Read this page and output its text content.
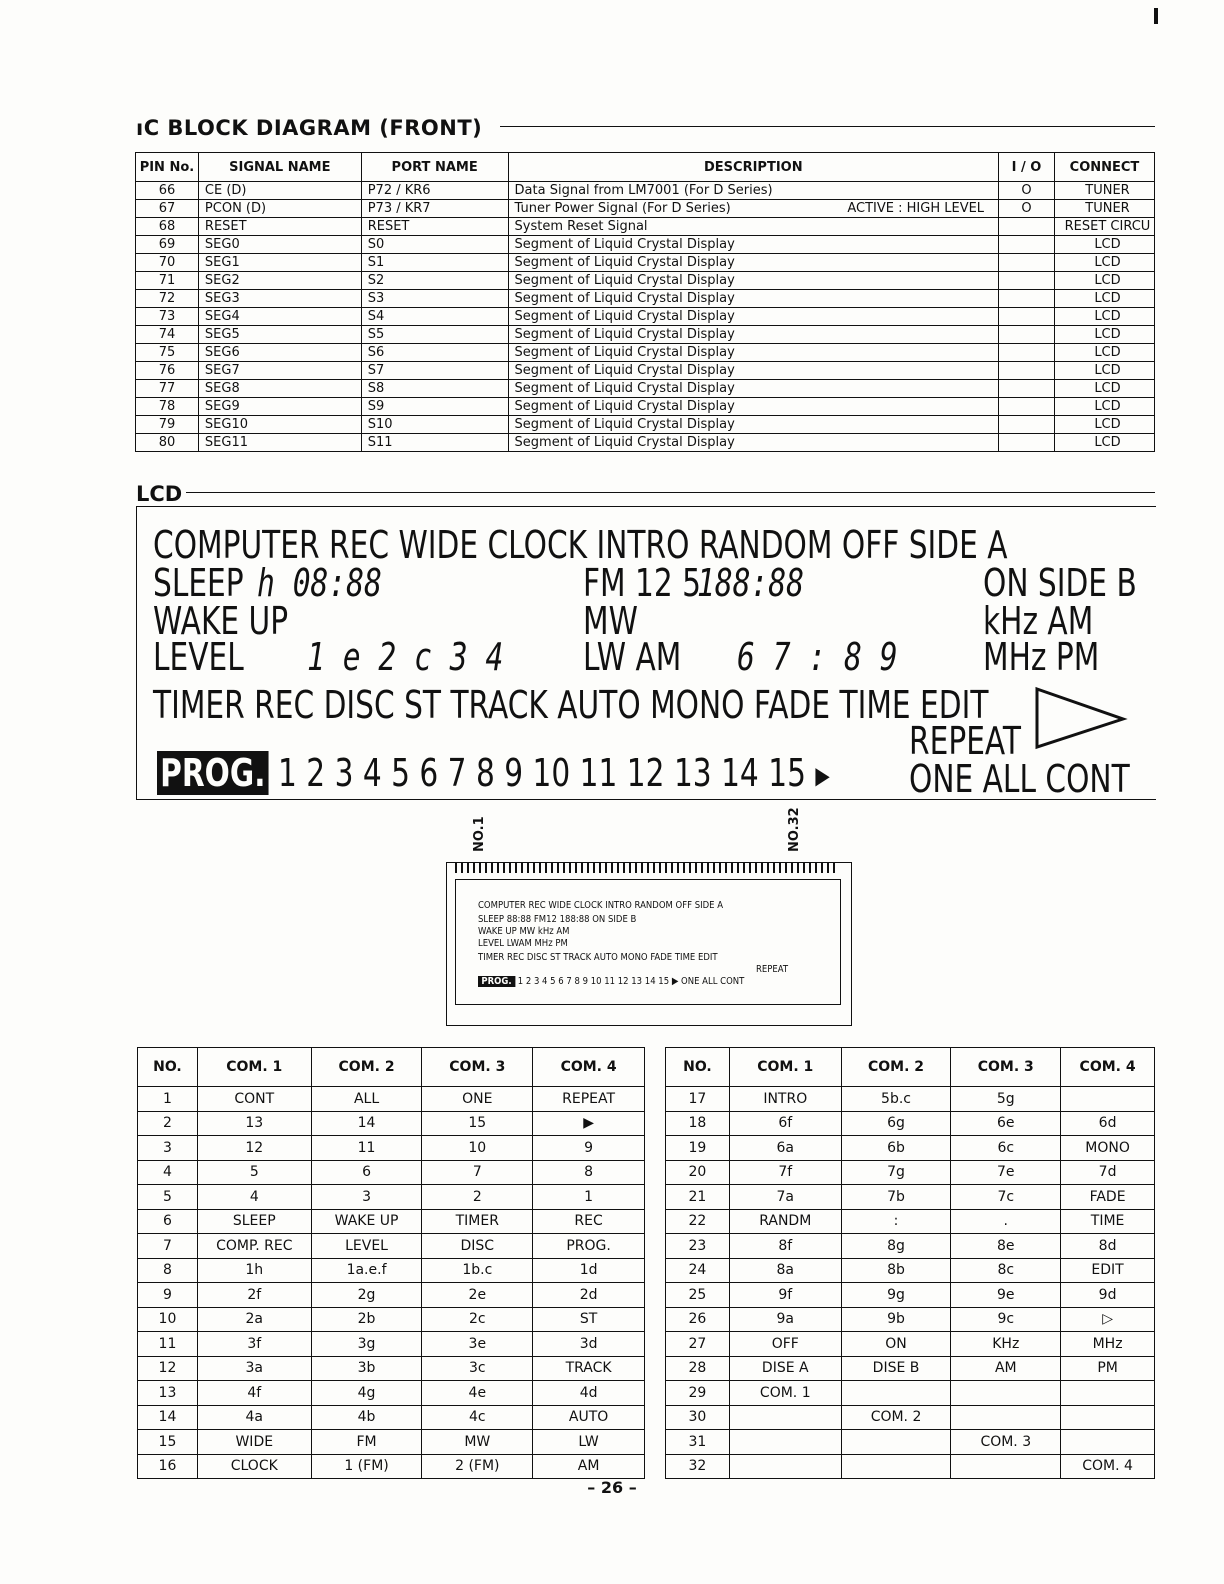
ıC BLOCK DIAGRAM (FRONT)
PIN No.	SIGNAL NAME	PORT NAME	DESCRIPTION	I / O	CONNECT
66	CE (D)	P72 / KR6	Data Signal from LM7001 (For D Series)	O	TUNER
67	PCON (D)	P73 / KR7	Tuner Power Signal (For D Series) ACTIVE : HIGH LEVEL	O	TUNER
68	RESET	RESET	System Reset Signal		RESET CIRCU
69	SEG0	S0	Segment of Liquid Crystal Display		LCD
70	SEG1	S1	Segment of Liquid Crystal Display		LCD
71	SEG2	S2	Segment of Liquid Crystal Display		LCD
72	SEG3	S3	Segment of Liquid Crystal Display		LCD
73	SEG4	S4	Segment of Liquid Crystal Display		LCD
74	SEG5	S5	Segment of Liquid Crystal Display		LCD
75	SEG6	S6	Segment of Liquid Crystal Display		LCD
76	SEG7	S7	Segment of Liquid Crystal Display		LCD
77	SEG8	S8	Segment of Liquid Crystal Display		LCD
78	SEG9	S9	Segment of Liquid Crystal Display		LCD
79	SEG10	S10	Segment of Liquid Crystal Display		LCD
80	SEG11	S11	Segment of Liquid Crystal Display		LCD
LCD
COMPUTER REC WIDE CLOCK INTRO RANDOM OFF SIDE A
SLEEP h 08:88	FM 12 5
188:88	ON SIDE B
WAKE UP	MW	kHz AM
LEVEL 1 e 2 c 3 4 LW AM 6 7 : 8 9 MHz PM
TIMER REC DISC ST TRACK AUTO MONO FADE TIME EDIT
REPEAT
PROG. 1 2 3 4 5 6 7 8 9 10 11 12 13 14 15 ▶ ONE ALL CONT
NO.1	NO.32
COMPUTER REC WIDE CLOCK INTRO RANDOM OFF SIDE A
SLEEP 88:88 FM12 188:88 ON SIDE B
WAKE UP MW kHz AM
LEVEL LWAM MHz PM
TIMER REC DISC ST TRACK AUTO MONO FADE TIME EDIT
REPEAT
PROG. 1 2 3 4 5 6 7 8 9 10 11 12 13 14 15 ▶ ONE ALL CONT
NO.	COM. 1	COM. 2	COM. 3	COM. 4
1	CONT	ALL	ONE	REPEAT
2	13	14	15	▶
3	12	11	10	9
4	5	6	7	8
5	4	3	2	1
6	SLEEP	WAKE UP	TIMER	REC
7	COMP. REC	LEVEL	DISC	PROG.
8	1h	1a.e.f	1b.c	1d
9	2f	2g	2e	2d
10	2a	2b	2c	ST
11	3f	3g	3e	3d
12	3a	3b	3c	TRACK
13	4f	4g	4e	4d
14	4a	4b	4c	AUTO
15	WIDE	FM	MW	LW
16	CLOCK	1 (FM)	2 (FM)	AM
NO.	COM. 1	COM. 2	COM. 3	COM. 4
17	INTRO	5b.c	5g	
18	6f	6g	6e	6d
19	6a	6b	6c	MONO
20	7f	7g	7e	7d
21	7a	7b	7c	FADE
22	RANDM	:	.	TIME
23	8f	8g	8e	8d
24	8a	8b	8c	EDIT
25	9f	9g	9e	9d
26	9a	9b	9c	▷
27	OFF	ON	KHz	MHz
28	DISE A	DISE B	AM	PM
29	COM. 1			
30		COM. 2		
31			COM. 3	
32				COM. 4
– 26 –
